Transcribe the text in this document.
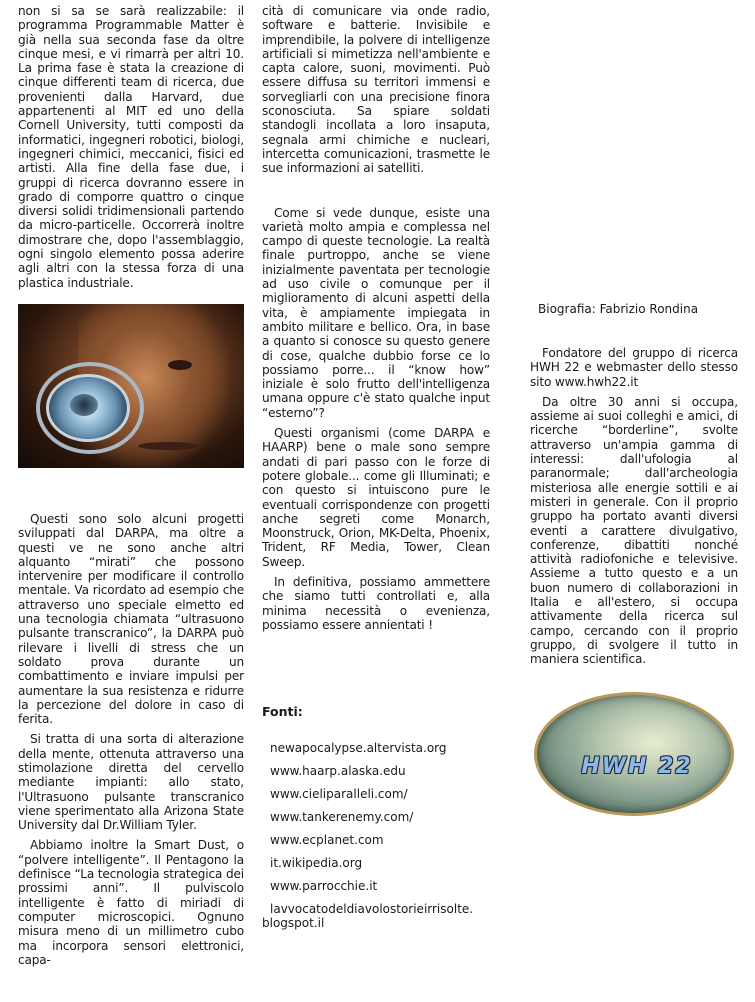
non si sa se sarà realizzabile: il programma Programmable Matter è già nella sua seconda fase da oltre cinque mesi, e vi rimarrà per altri 10. La prima fase è stata la creazione di cinque differenti team di ricerca, due provenienti dalla Harvard, due appartenenti al MIT ed uno della Cornell University, tutti composti da informatici, ingegneri robotici, biologi, ingegneri chimici, meccanici, fisici ed artisti. Alla fine della fase due, i gruppi di ricerca dovranno essere in grado di comporre quattro o cinque diversi solidi tridimensionali partendo da micro-particelle. Occorrerà inoltre dimostrare che, dopo l'assemblaggio, ogni singolo elemento possa aderire agli altri con la stessa forza di una plastica industriale.

Questi sono solo alcuni progetti sviluppati dal DARPA, ma oltre a questi ve ne sono anche altri alquanto “mirati” che possono intervenire per modificare il controllo mentale. Va ricordato ad esempio che attraverso uno speciale elmetto ed una tecnologia chiamata “ultrasuono pulsante transcranico”, la DARPA può rilevare i livelli di stress che un soldato prova durante un combattimento e inviare impulsi per aumentare la sua resistenza e ridurre la percezione del dolore in caso di ferita.

Si tratta di una sorta di alterazione della mente, ottenuta attraverso una stimolazione diretta del cervello mediante impianti: allo stato, l'Ultrasuono pulsante transcranico viene sperimentato alla Arizona State University dal Dr.William Tyler.

Abbiamo inoltre la Smart Dust, o “polvere intelligente”. Il Pentagono la definisce “La tecnologia strategica dei prossimi anni”. Il pulviscolo intelligente è fatto di miriadi di computer microscopici. Ognuno misura meno di un millimetro cubo ma incorpora sensori elettronici, capa-

cità di comunicare via onde radio, software e batterie. Invisibile e imprendibile, la polvere di intelligenze artificiali si mimetizza nell'ambiente e capta calore, suoni, movimenti. Può essere diffusa su territori immensi e sorvegliarli con una precisione finora sconosciuta. Sa spiare soldati standogli incollata a loro insaputa, segnala armi chimiche e nucleari, intercetta comunicazioni, trasmette le sue informazioni ai satelliti.

Come si vede dunque, esiste una varietà molto ampia e complessa nel campo di queste tecnologie. La realtà finale purtroppo, anche se viene inizialmente paventata per tecnologie ad uso civile o comunque per il miglioramento di alcuni aspetti della vita, è ampiamente impiegata in ambito militare e bellico. Ora, in base a quanto si conosce su questo genere di cose, qualche dubbio forse ce lo possiamo porre... il “know how” iniziale è solo frutto dell'intelligenza umana oppure c'è stato qualche input “esterno”?

Questi organismi (come DARPA e HAARP) bene o male sono sempre andati di pari passo con le forze di potere globale... come gli Illuminati; e con questo si intuiscono pure le eventuali corrispondenze con progetti anche segreti come Monarch, Moonstruck, Orion, MK-Delta, Phoenix, Trident, RF Media, Tower, Clean Sweep.

In definitiva, possiamo ammettere che siamo tutti controllati e, alla minima necessità o evenienza, possiamo essere annientati !

Fonti:
newapocalypse.altervista.org
www.haarp.alaska.edu
www.cieliparalleli.com/
www.tankerenemy.com/
www.ecplanet.com
it.wikipedia.org
www.parrocchie.it
lavvocatodeldiavolostorieirrisolte.
blogspot.il
Biografia: Fabrizio Rondina

Fondatore del gruppo di ricerca HWH 22 e webmaster dello stesso sito www.hwh22.it

Da oltre 30 anni si occupa, assieme ai suoi colleghi e amici, di ricerche “borderline”, svolte attraverso un'ampia gamma di interessi: dall'ufologia al paranormale; dall'archeologia misteriosa alle energie sottili e ai misteri in generale. Con il proprio gruppo ha portato avanti diversi eventi a carattere divulgativo, conferenze, dibattiti nonché attività radiofoniche e televisive. Assieme a tutto questo e a un buon numero di collaborazioni in Italia e all'estero, si occupa attivamente della ricerca sul campo, cercando con il proprio gruppo, di svolgere il tutto in maniera scientifica.

HWH 22
